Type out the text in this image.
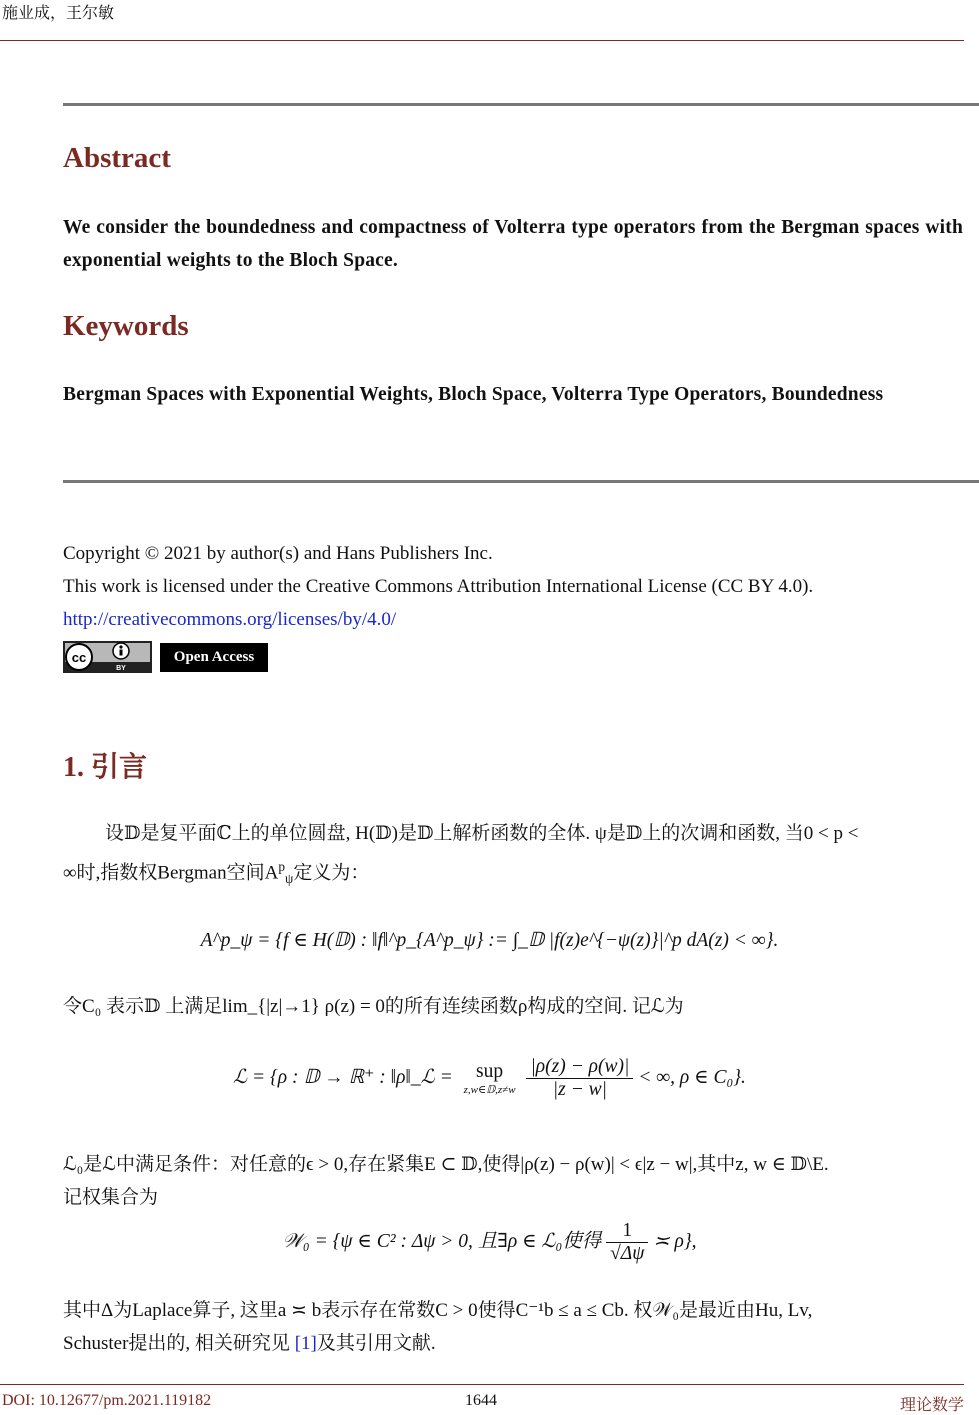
施业成，王尔敏
Abstract
We consider the boundedness and compactness of Volterra type operators from the Bergman spaces with exponential weights to the Bloch Space.
Keywords
Bergman Spaces with Exponential Weights, Bloch Space, Volterra Type Operators, Boundedness
Copyright © 2021 by author(s) and Hans Publishers Inc.
This work is licensed under the Creative Commons Attribution International License (CC BY 4.0).
http://creativecommons.org/licenses/by/4.0/
cc
BY
Open Access
1. 引言
设𝔻是复平面ℂ上的单位圆盘, H(𝔻)是𝔻上解析函数的全体. ψ是𝔻上的次调和函数, 当0 < p <
∞时,指数权Bergman空间$A^p_\psi$定义为：
A^p_ψ = {f ∈ H(𝔻) : ‖f‖^p_{A^p_ψ} := ∫_𝔻 |f(z)e^{−ψ(z)}|^p dA(z) < ∞}.
令C₀ 表示𝔻 上满足lim_{|z|→1} ρ(z) = 0的所有连续函数ρ构成的空间. 记ℒ为
ℒ = {ρ : 𝔻 → ℝ⁺ : ‖ρ‖_ℒ =	sup
z,w∈𝔻,z≠w
$\frac{|\rho(z) - \rho(w)|}{|z - w|}$ < ∞, ρ ∈ C₀}.
ℒ₀是ℒ中满足条件：对任意的ϵ > 0,存在紧集E ⊂ 𝔻,使得|ρ(z) − ρ(w)| < ϵ|z − w|,其中z, w ∈ 𝔻\E.
记权集合为
𝒲₀ = {ψ ∈ C² : Δψ > 0, 且∃ρ ∈ ℒ₀使得 $\frac{1}{√\Delta\psi}$ ≍ ρ},
其中Δ为Laplace算子, 这里a ≍ b表示存在常数C > 0使得C⁻¹b ≤ a ≤ Cb. 权𝒲₀是最近由Hu, Lv,
Schuster提出的, 相关研究见 [1]及其引用文献.
DOI: 10.12677/pm.2021.119182	1644	理论数学
